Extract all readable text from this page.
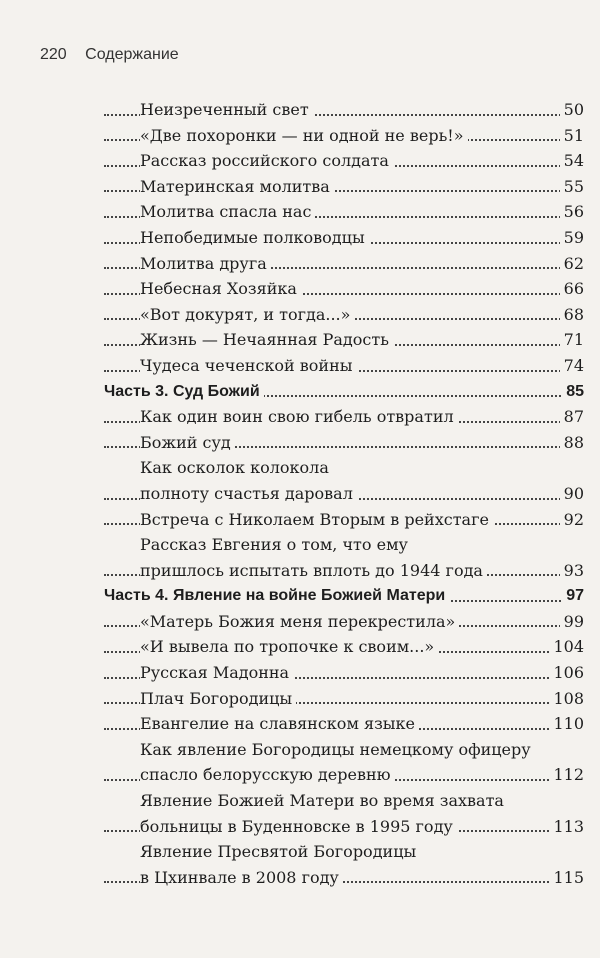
220 Содержание
Неизреченный свет	50
«Две похоронки — ни одной не верь!»	51
Рассказ российского солдата	54
Материнская молитва	55
Молитва спасла нас	56
Непобедимые полководцы	59
Молитва друга	62
Небесная Хозяйка	66
«Вот докурят, и тогда...»	68
Жизнь — Нечаянная Радость	71
Чудеса чеченской войны	74
Часть 3. Суд Божий	85
Как один воин свою гибель отвратил	87
Божий суд	88
Как осколок колокола
полноту счастья даровал	90
Встреча с Николаем Вторым в рейхстаге	92
Рассказ Евгения о том, что ему
пришлось испытать вплоть до 1944 года	93
Часть 4. Явление на войне Божией Матери	97
«Матерь Божия меня перекрестила»	99
«И вывела по тропочке к своим...»	104
Русская Мадонна	106
Плач Богородицы	108
Евангелие на славянском языке	110
Как явление Богородицы немецкому офицеру
спасло белорусскую деревню	112
Явление Божией Матери во время захвата
больницы в Буденновске в 1995 году	113
Явление Пресвятой Богородицы
в Цхинвале в 2008 году	115
